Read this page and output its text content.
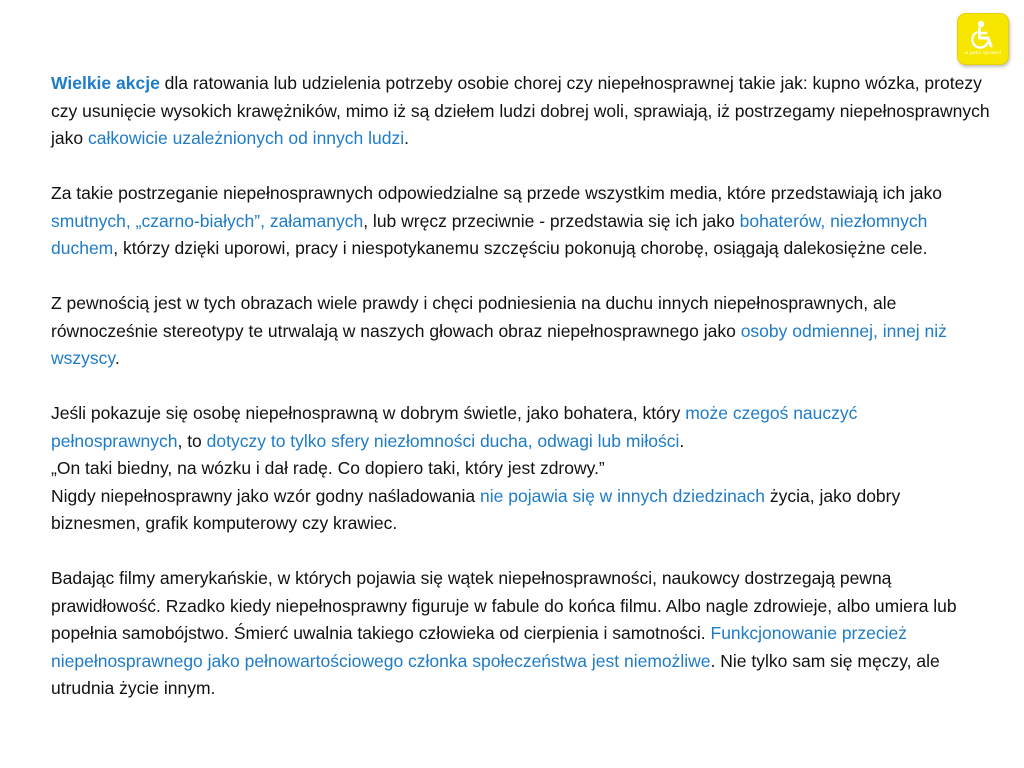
w pełni sprawni

Wielkie akcje dla ratowania lub udzielenia potrzeby osobie chorej czy niepełnosprawnej takie jak: kupno wózka, protezy czy usunięcie wysokich krawężników, mimo iż są dziełem ludzi dobrej woli, sprawiają, iż postrzegamy niepełnosprawnych jako całkowicie uzależnionych od innych ludzi.

Za takie postrzeganie niepełnosprawnych odpowiedzialne są przede wszystkim media, które przedstawiają ich jako smutnych, „czarno-białych”, załamanych, lub wręcz przeciwnie - przedstawia się ich jako bohaterów, niezłomnych duchem, którzy dzięki uporowi, pracy i niespotykanemu szczęściu pokonują chorobę, osiągają dalekosiężne cele.

Z pewnością jest w tych obrazach wiele prawdy i chęci podniesienia na duchu innych niepełnosprawnych, ale równocześnie stereotypy te utrwalają w naszych głowach obraz niepełnosprawnego jako osoby odmiennej, innej niż wszyscy.

Jeśli pokazuje się osobę niepełnosprawną w dobrym świetle, jako bohatera, który może czegoś nauczyć pełnosprawnych, to dotyczy to tylko sfery niezłomności ducha, odwagi lub miłości.

„On taki biedny, na wózku i dał radę. Co dopiero taki, który jest zdrowy.”

Nigdy niepełnosprawny jako wzór godny naśladowania nie pojawia się w innych dziedzinach życia, jako dobry biznesmen, grafik komputerowy czy krawiec.

Badając filmy amerykańskie, w których pojawia się wątek niepełnosprawności, naukowcy dostrzegają pewną prawidłowość. Rzadko kiedy niepełnosprawny figuruje w fabule do końca filmu. Albo nagle zdrowieje, albo umiera lub popełnia samobójstwo. Śmierć uwalnia takiego człowieka od cierpienia i samotności. Funkcjonowanie przecież niepełnosprawnego jako pełnowartościowego członka społeczeństwa jest niemożliwe. Nie tylko sam się męczy, ale utrudnia życie innym.
